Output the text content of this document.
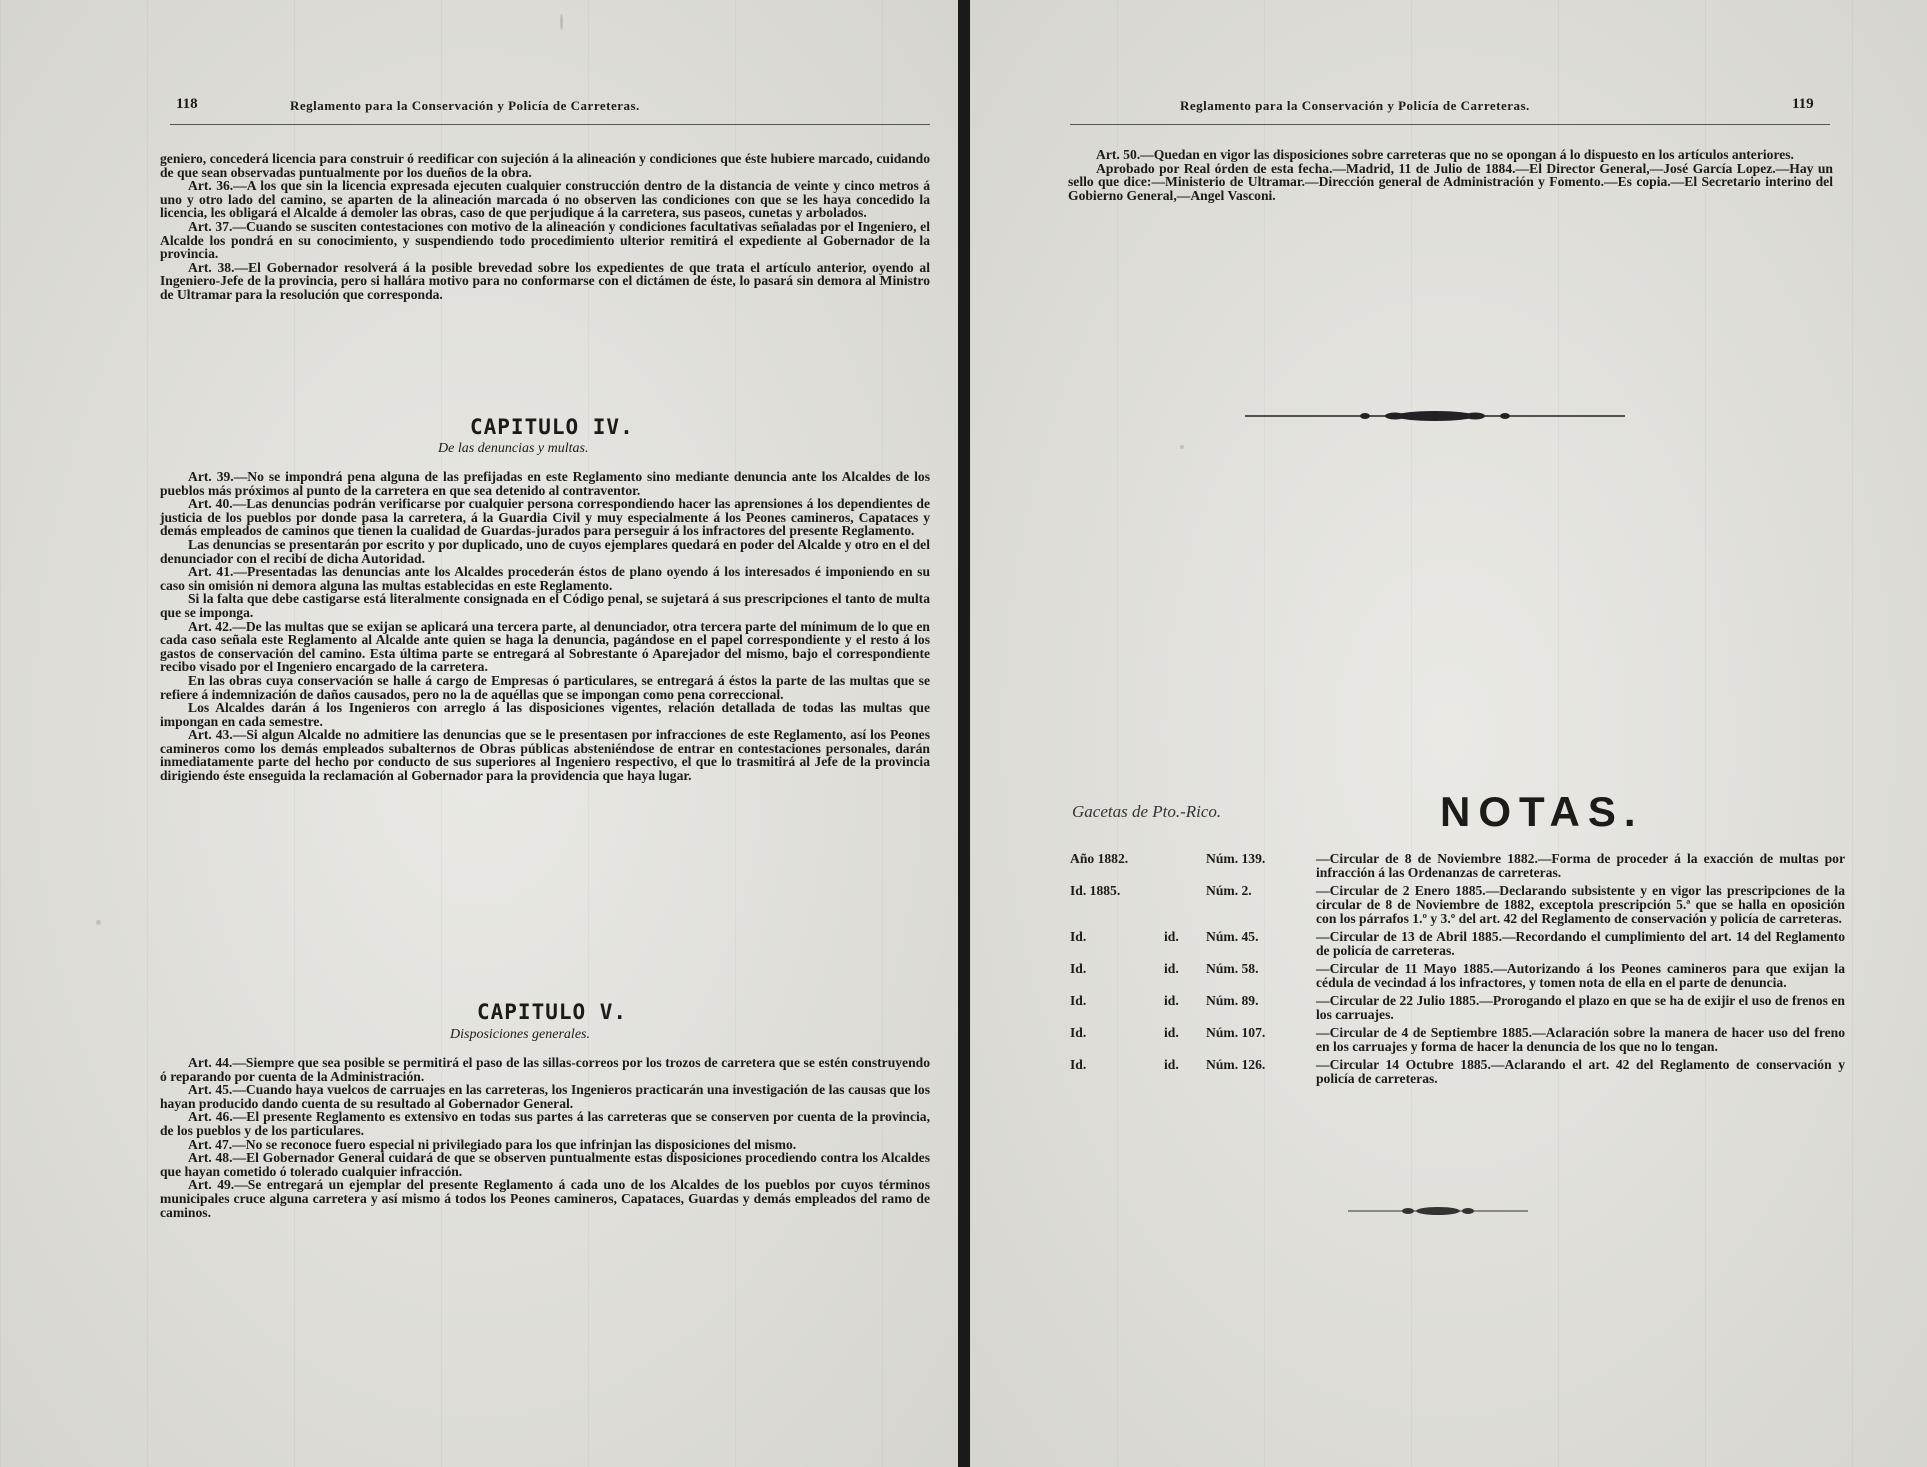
118	Reglamento para la Conservación y Policía de Carreteras.

geniero, concederá licencia para construir ó reedificar con sujeción á la alineación y condiciones que éste hubiere marcado, cuidando de que sean observadas puntualmente por los dueños de la obra.

Art. 36.—A los que sin la licencia expresada ejecuten cualquier construcción dentro de la distancia de veinte y cinco metros á uno y otro lado del camino, se aparten de la alineación marcada ó no observen las condiciones con que se les haya concedido la licencia, les obligará el Alcalde á demoler las obras, caso de que perjudique á la carretera, sus paseos, cunetas y arbolados.

Art. 37.—Cuando se susciten contestaciones con motivo de la alineación y condiciones facultativas señaladas por el Ingeniero, el Alcalde los pondrá en su conocimiento, y suspendiendo todo procedimiento ulterior remitirá el expediente al Gobernador de la provincia.

Art. 38.—El Gobernador resolverá á la posible brevedad sobre los expedientes de que trata el artículo anterior, oyendo al Ingeniero-Jefe de la provincia, pero si hallára motivo para no conformarse con el dictámen de éste, lo pasará sin demora al Ministro de Ultramar para la resolución que corresponda.

CAPITULO IV.
De las denuncias y multas.

Art. 39.—No se impondrá pena alguna de las prefijadas en este Reglamento sino mediante denuncia ante los Alcaldes de los pueblos más próximos al punto de la carretera en que sea detenido al contraventor.

Art. 40.—Las denuncias podrán verificarse por cualquier persona correspondiendo hacer las aprensiones á los dependientes de justicia de los pueblos por donde pasa la carretera, á la Guardia Civil y muy especialmente á los Peones camineros, Capataces y demás empleados de caminos que tienen la cualidad de Guardas-jurados para perseguir á los infractores del presente Reglamento.

Las denuncias se presentarán por escrito y por duplicado, uno de cuyos ejemplares quedará en poder del Alcalde y otro en el del denunciador con el recibí de dicha Autoridad.

Art. 41.—Presentadas las denuncias ante los Alcaldes procederán éstos de plano oyendo á los interesados é imponiendo en su caso sin omisión ni demora alguna las multas establecidas en este Reglamento.

Si la falta que debe castigarse está literalmente consignada en el Código penal, se sujetará á sus prescripciones el tanto de multa que se imponga.

Art. 42.—De las multas que se exijan se aplicará una tercera parte, al denunciador, otra tercera parte del mínimum de lo que en cada caso señala este Reglamento al Alcalde ante quien se haga la denuncia, pagándose en el papel correspondiente y el resto á los gastos de conservación del camino. Esta última parte se entregará al Sobrestante ó Aparejador del mismo, bajo el correspondiente recibo visado por el Ingeniero encargado de la carretera.

En las obras cuya conservación se halle á cargo de Empresas ó particulares, se entregará á éstos la parte de las multas que se refiere á indemnización de daños causados, pero no la de aquéllas que se impongan como pena correccional.

Los Alcaldes darán á los Ingenieros con arreglo á las disposiciones vigentes, relación detallada de todas las multas que impongan en cada semestre.

Art. 43.—Si algun Alcalde no admitiere las denuncias que se le presentasen por infracciones de este Reglamento, así los Peones camineros como los demás empleados subalternos de Obras públicas absteniéndose de entrar en contestaciones personales, darán inmediatamente parte del hecho por conducto de sus superiores al Ingeniero respectivo, el que lo trasmitirá al Jefe de la provincia dirigiendo éste enseguida la reclamación al Gobernador para la providencia que haya lugar.

CAPITULO V.
Disposiciones generales.

Art. 44.—Siempre que sea posible se permitirá el paso de las sillas-correos por los trozos de carretera que se estén construyendo ó reparando por cuenta de la Administración.

Art. 45.—Cuando haya vuelcos de carruajes en las carreteras, los Ingenieros practicarán una investigación de las causas que los hayan producido dando cuenta de su resultado al Gobernador General.

Art. 46.—El presente Reglamento es extensivo en todas sus partes á las carreteras que se conserven por cuenta de la provincia, de los pueblos y de los particulares.

Art. 47.—No se reconoce fuero especial ni privilegiado para los que infrinjan las disposiciones del mismo.

Art. 48.—El Gobernador General cuidará de que se observen puntualmente estas disposiciones procediendo contra los Alcaldes que hayan cometido ó tolerado cualquier infracción.

Art. 49.—Se entregará un ejemplar del presente Reglamento á cada uno de los Alcaldes de los pueblos por cuyos términos municipales cruce alguna carretera y así mismo á todos los Peones camineros, Capataces, Guardas y demás empleados del ramo de caminos.

Reglamento para la Conservación y Policía de Carreteras.	119

Art. 50.—Quedan en vigor las disposiciones sobre carreteras que no se opongan á lo dispuesto en los artículos anteriores.

Aprobado por Real órden de esta fecha.—Madrid, 11 de Julio de 1884.—El Director General,—José García Lopez.—Hay un sello que dice:—Ministerio de Ultramar.—Dirección general de Administración y Fomento.—Es copia.—El Secretario interino del Gobierno General,—Angel Vasconi.

Gacetas de Pto.-Rico.	NOTAS.
Año 1882.	Núm. 139.	—Circular de 8 de Noviembre 1882.—Forma de proceder á la exacción de multas por infracción á las Ordenanzas de carreteras.
Id. 1885.	Núm. 2.	—Circular de 2 Enero 1885.—Declarando subsistente y en vigor las prescripciones de la circular de 8 de Noviembre de 1882, exceptola prescripción 5.ª que se halla en oposición con los párrafos 1.º y 3.º del art. 42 del Reglamento de conservación y policía de carreteras.
Id.	id.	Núm. 45.	—Circular de 13 de Abril 1885.—Recordando el cumplimiento del art. 14 del Reglamento de policía de carreteras.
Id.	id.	Núm. 58.	—Circular de 11 Mayo 1885.—Autorizando á los Peones camineros para que exijan la cédula de vecindad á los infractores, y tomen nota de ella en el parte de denuncia.
Id.	id.	Núm. 89.	—Circular de 22 Julio 1885.—Prorogando el plazo en que se ha de exijir el uso de frenos en los carruajes.
Id.	id.	Núm. 107.	—Circular de 4 de Septiembre 1885.—Aclaración sobre la manera de hacer uso del freno en los carruajes y forma de hacer la denuncia de los que no lo tengan.
Id.	id.	Núm. 126.	—Circular 14 Octubre 1885.—Aclarando el art. 42 del Reglamento de conservación y policía de carreteras.
